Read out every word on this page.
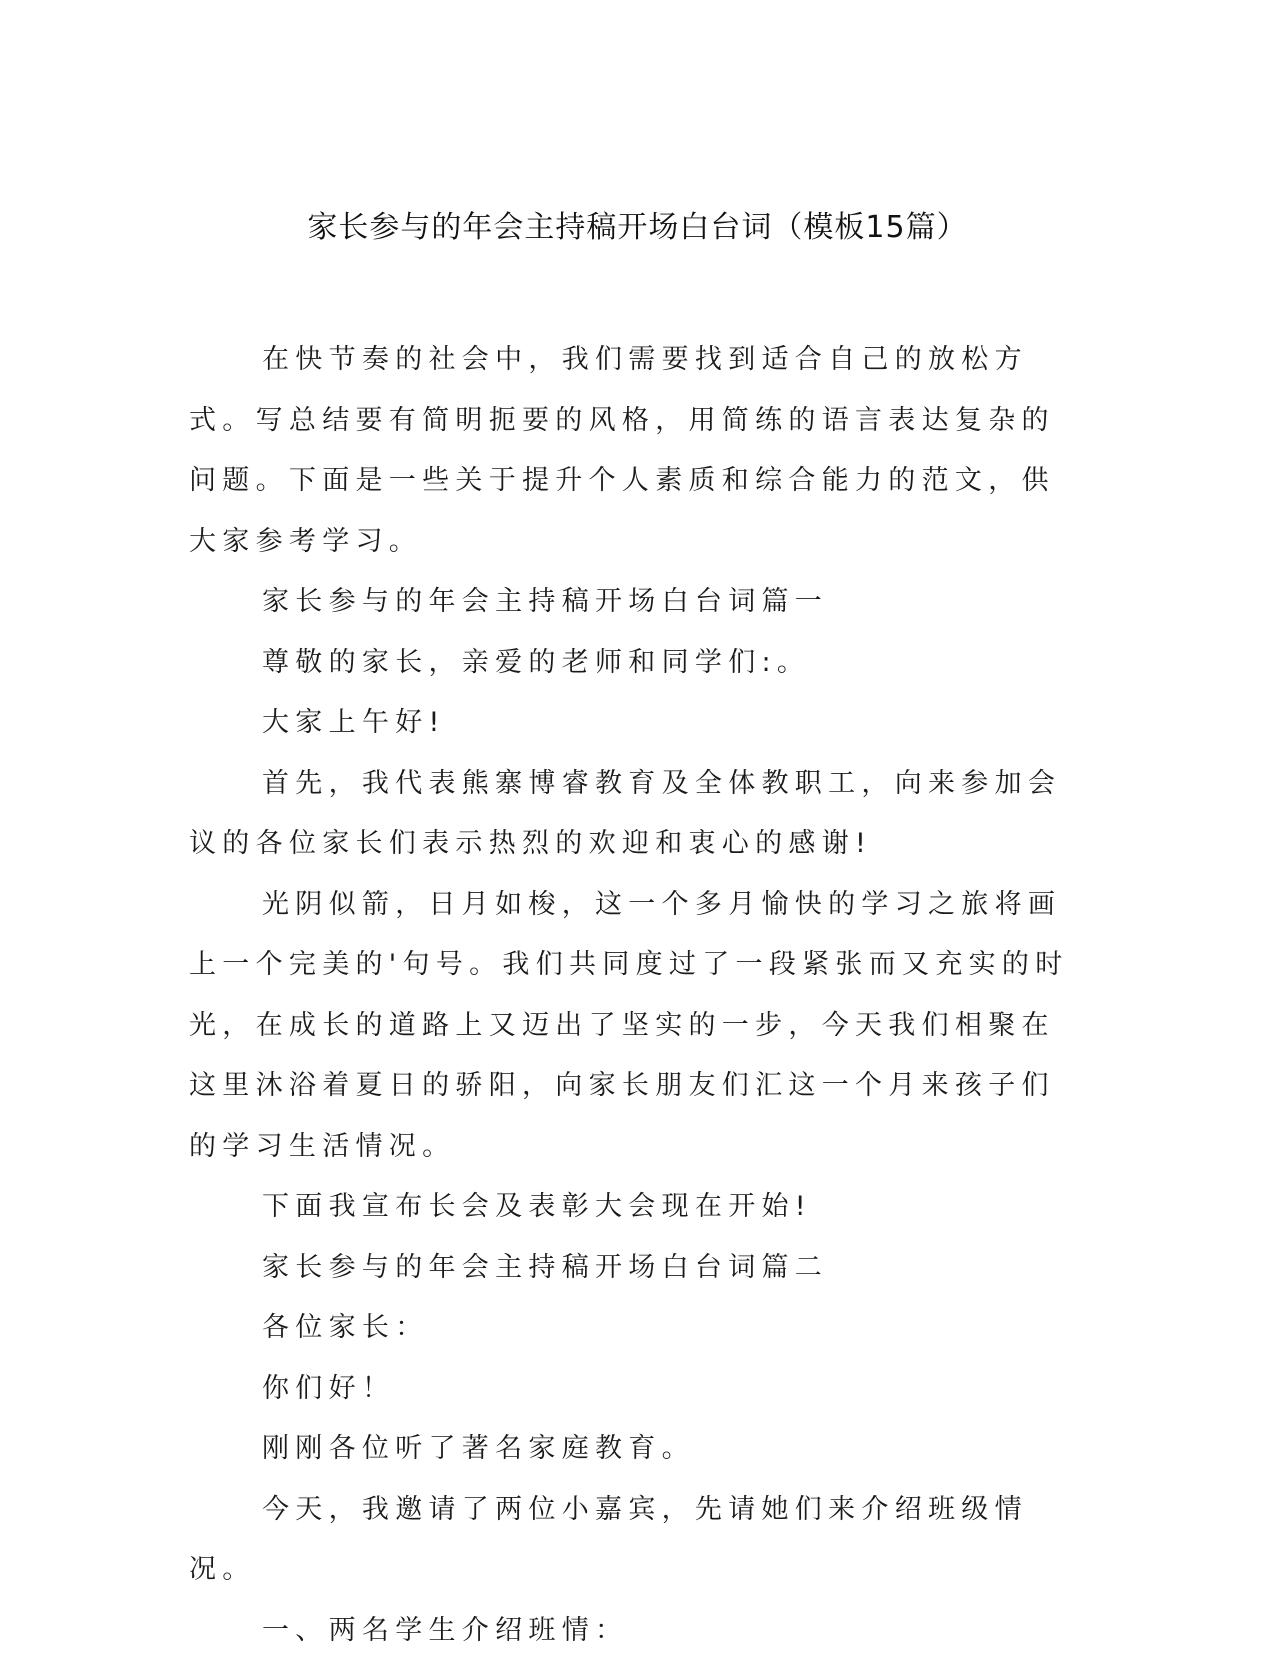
家长参与的年会主持稿开场白台词（模板15篇）

在快节奏的社会中，我们需要找到适合自己的放松方式。写总结要有简明扼要的风格，用简练的语言表达复杂的问题。下面是一些关于提升个人素质和综合能力的范文，供大家参考学习。

家长参与的年会主持稿开场白台词篇一

尊敬的家长，亲爱的老师和同学们:。

大家上午好!

首先，我代表熊寨博睿教育及全体教职工，向来参加会议的各位家长们表示热烈的欢迎和衷心的感谢!

光阴似箭，日月如梭，这一个多月愉快的学习之旅将画上一个完美的'句号。我们共同度过了一段紧张而又充实的时光，在成长的道路上又迈出了坚实的一步，今天我们相聚在这里沐浴着夏日的骄阳，向家长朋友们汇这一个月来孩子们的学习生活情况。

下面我宣布长会及表彰大会现在开始!

家长参与的年会主持稿开场白台词篇二

各位家长：

你们好！

刚刚各位听了著名家庭教育。

今天，我邀请了两位小嘉宾，先请她们来介绍班级情况。

一、两名学生介绍班情：
